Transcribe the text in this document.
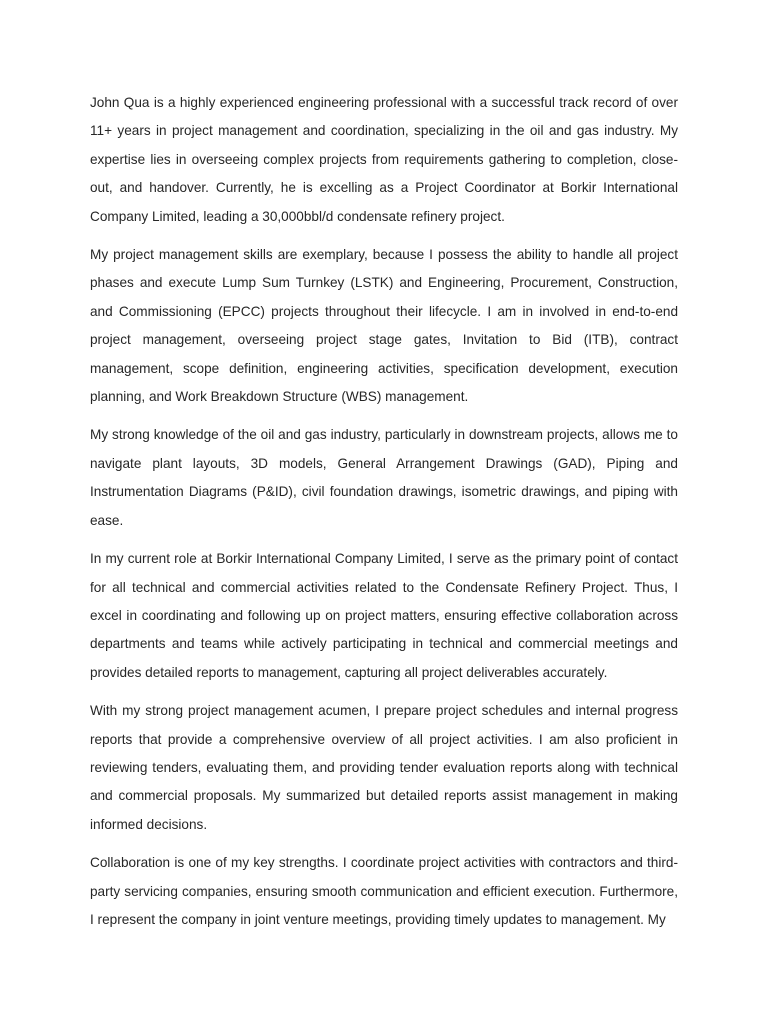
John Qua is a highly experienced engineering professional with a successful track record of over 11+ years in project management and coordination, specializing in the oil and gas industry. My expertise lies in overseeing complex projects from requirements gathering to completion, close-out, and handover. Currently, he is excelling as a Project Coordinator at Borkir International Company Limited, leading a 30,000bbl/d condensate refinery project.

My project management skills are exemplary, because I possess the ability to handle all project phases and execute Lump Sum Turnkey (LSTK) and Engineering, Procurement, Construction, and Commissioning (EPCC) projects throughout their lifecycle. I am in involved in end-to-end project management, overseeing project stage gates, Invitation to Bid (ITB), contract management, scope definition, engineering activities, specification development, execution planning, and Work Breakdown Structure (WBS) management.

My strong knowledge of the oil and gas industry, particularly in downstream projects, allows me to navigate plant layouts, 3D models, General Arrangement Drawings (GAD), Piping and Instrumentation Diagrams (P&ID), civil foundation drawings, isometric drawings, and piping with ease.

In my current role at Borkir International Company Limited, I serve as the primary point of contact for all technical and commercial activities related to the Condensate Refinery Project. Thus, I excel in coordinating and following up on project matters, ensuring effective collaboration across departments and teams while actively participating in technical and commercial meetings and provides detailed reports to management, capturing all project deliverables accurately.

With my strong project management acumen, I prepare project schedules and internal progress reports that provide a comprehensive overview of all project activities. I am also proficient in reviewing tenders, evaluating them, and providing tender evaluation reports along with technical and commercial proposals. My summarized but detailed reports assist management in making informed decisions.

Collaboration is one of my key strengths. I coordinate project activities with contractors and third-party servicing companies, ensuring smooth communication and efficient execution. Furthermore, I represent the company in joint venture meetings, providing timely updates to management. My
